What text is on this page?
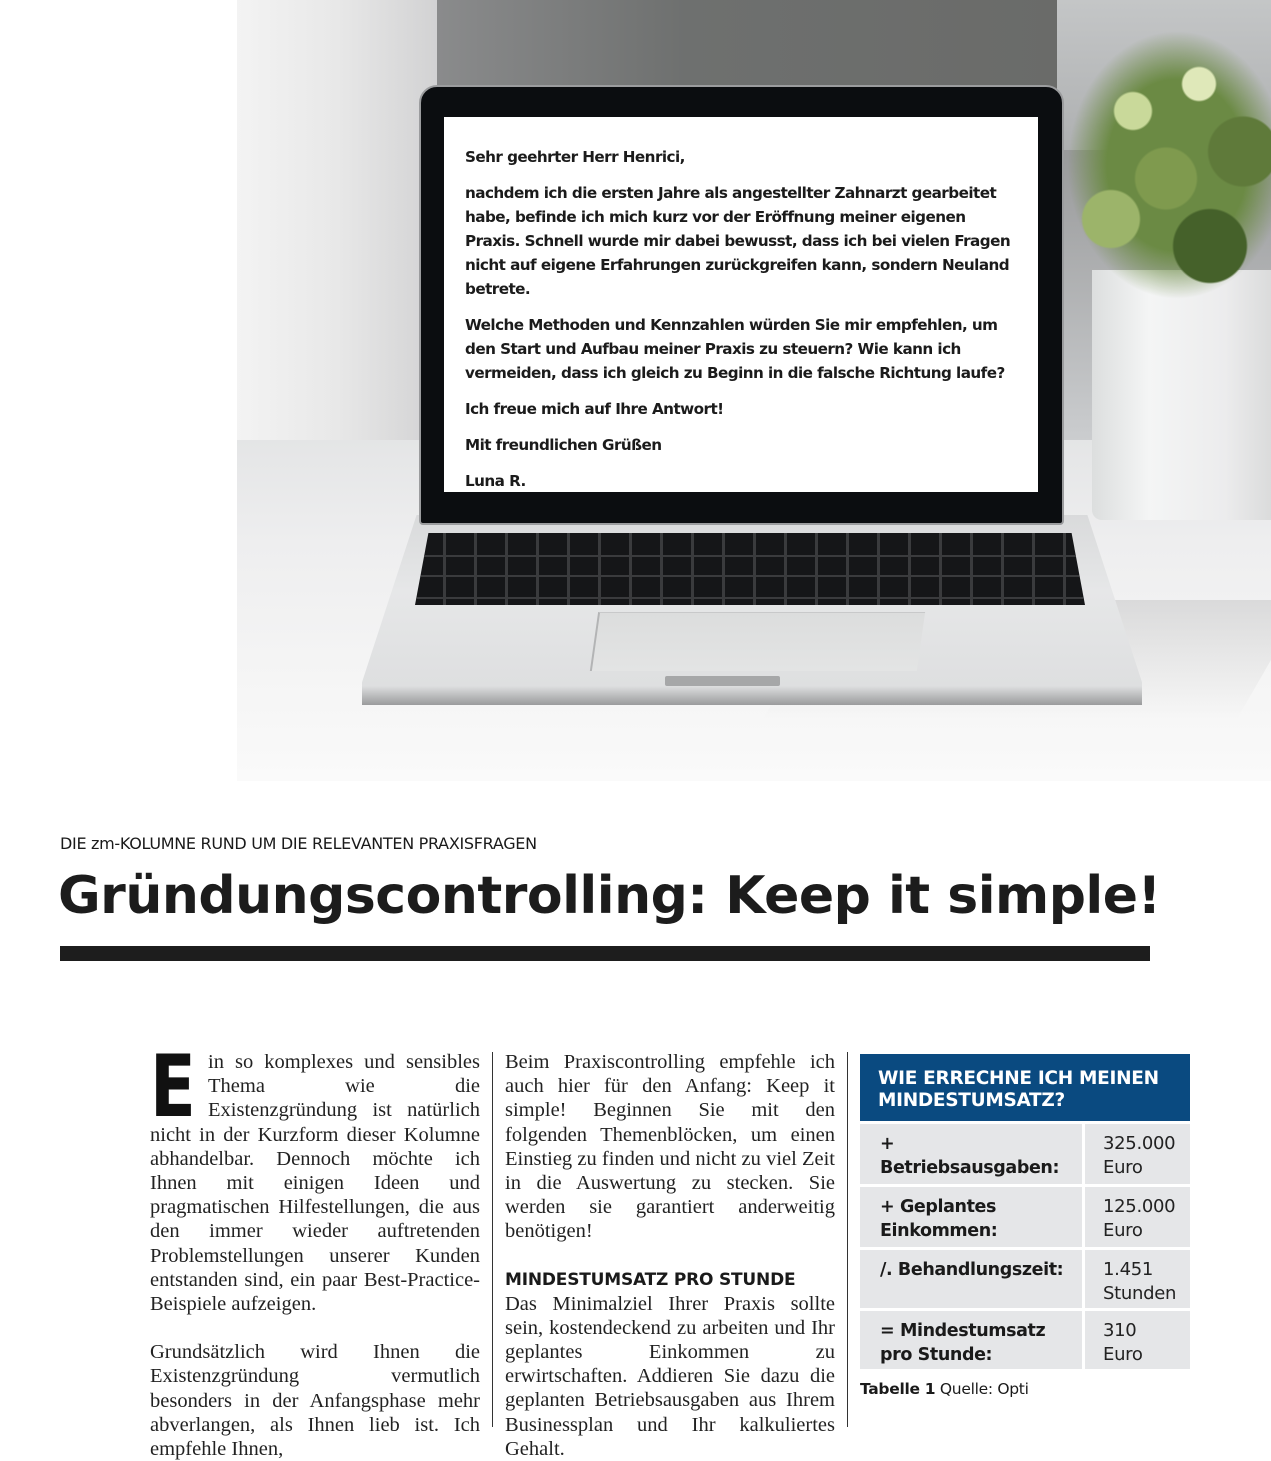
Sehr geehrter Herr Henrici,

nachdem ich die ersten Jahre als angestellter Zahnarzt gearbeitet habe, befinde ich mich kurz vor der Eröffnung meiner eigenen Praxis. Schnell wurde mir dabei bewusst, dass ich bei vielen Fragen nicht auf eigene Erfahrungen zurückgreifen kann, sondern Neuland betrete.

Welche Methoden und Kennzahlen würden Sie mir empfehlen, um den Start und Aufbau meiner Praxis zu steuern? Wie kann ich vermeiden, dass ich gleich zu Beginn in die falsche Richtung laufe?

Ich freue mich auf Ihre Antwort!

Mit freundlichen Grüßen

Luna R.

DIE zm-KOLUMNE RUND UM DIE RELEVANTEN PRAXISFRAGEN
Gründungscontrolling: Keep it simple!
E in so komplexes und sensibles Thema wie die Existenzgründung ist natürlich nicht in der Kurzform dieser Kolumne abhandelbar. Dennoch möchte ich Ihnen mit einigen Ideen und pragmatischen Hilfestellungen, die aus den immer wieder auftretenden Problemstellungen unserer Kunden entstanden sind, ein paar Best-Practice-Beispiele aufzeigen.

Grundsätzlich wird Ihnen die Existenzgründung vermutlich besonders in der Anfangsphase mehr abverlangen, als Ihnen lieb ist. Ich empfehle Ihnen,

Beim Praxiscontrolling empfehle ich auch hier für den Anfang: Keep it simple! Beginnen Sie mit den folgenden Themenblöcken, um einen Einstieg zu finden und nicht zu viel Zeit in die Auswertung zu stecken. Sie werden sie garantiert anderweitig benötigen!

MINDESTUMSATZ PRO STUNDE

Das Minimalziel Ihrer Praxis sollte sein, kostendeckend zu arbeiten und Ihr geplantes Einkommen zu erwirtschaften. Addieren Sie dazu die geplanten Betriebsausgaben aus Ihrem Businessplan und Ihr kalkuliertes Gehalt.

WIE ERRECHNE ICH MEINEN MINDESTUMSATZ?
+ Betriebsausgaben:
325.000
Euro
+ Geplantes Einkommen:
125.000
Euro
/. Behandlungszeit:	1.451
Stunden
= Mindestumsatz pro Stunde:
310
Euro
Tabelle 1 Quelle: Opti
